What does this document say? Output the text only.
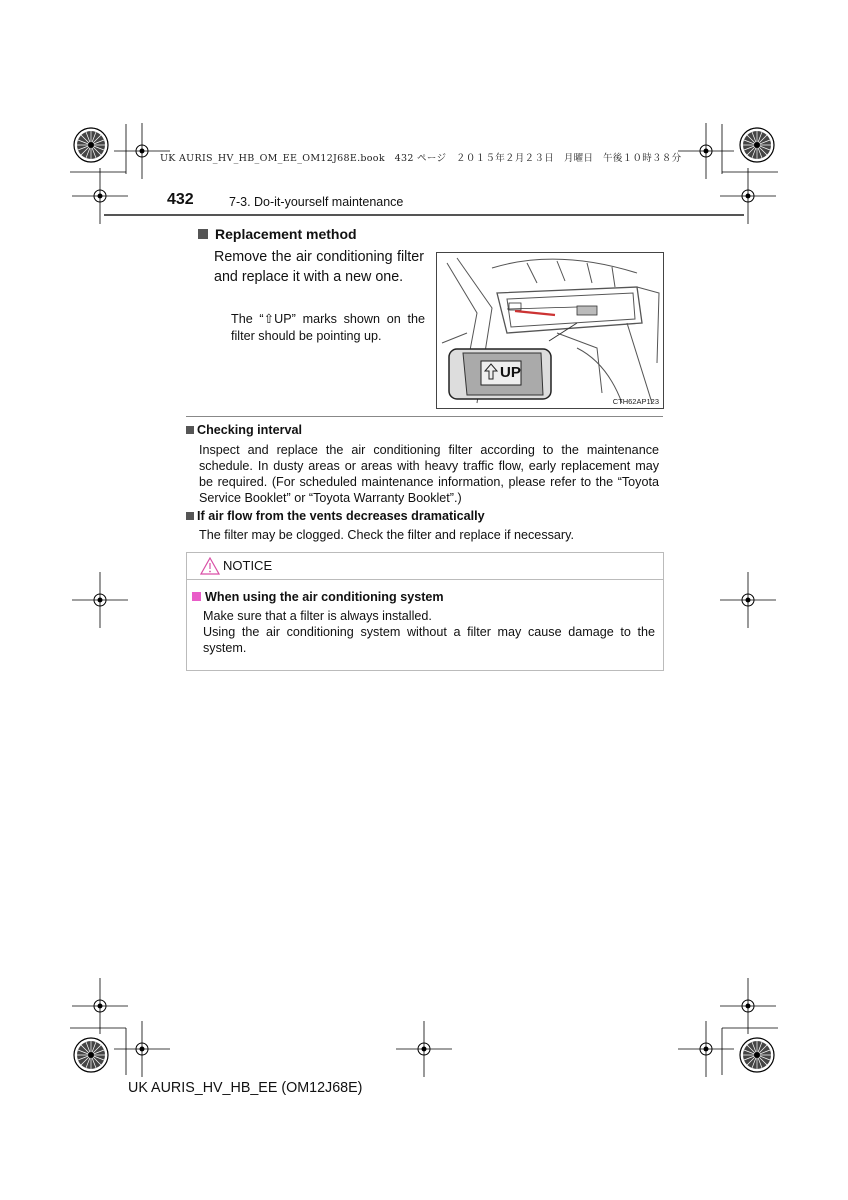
UK AURIS_HV_HB_OM_EE_OM12J68E.book　432 ページ　２０１５年２月２３日　月曜日　午後１０時３８分
432	7-3. Do-it-yourself maintenance
Replacement method
Remove the air conditioning filter and replace it with a new one.
The “⇧UP” marks shown on the filter should be pointing up.
UP
CTH62AP123
Checking interval
Inspect and replace the air conditioning filter according to the maintenance schedule. In dusty areas or areas with heavy traffic flow, early replacement may be required. (For scheduled maintenance information, please refer to the “Toyota Service Booklet” or “Toyota Warranty Booklet”.)
If air flow from the vents decreases dramatically
The filter may be clogged. Check the filter and replace if necessary.
NOTICE
When using the air conditioning system
Make sure that a filter is always installed.
Using the air conditioning system without a filter may cause damage to the system.
UK AURIS_HV_HB_EE (OM12J68E)
